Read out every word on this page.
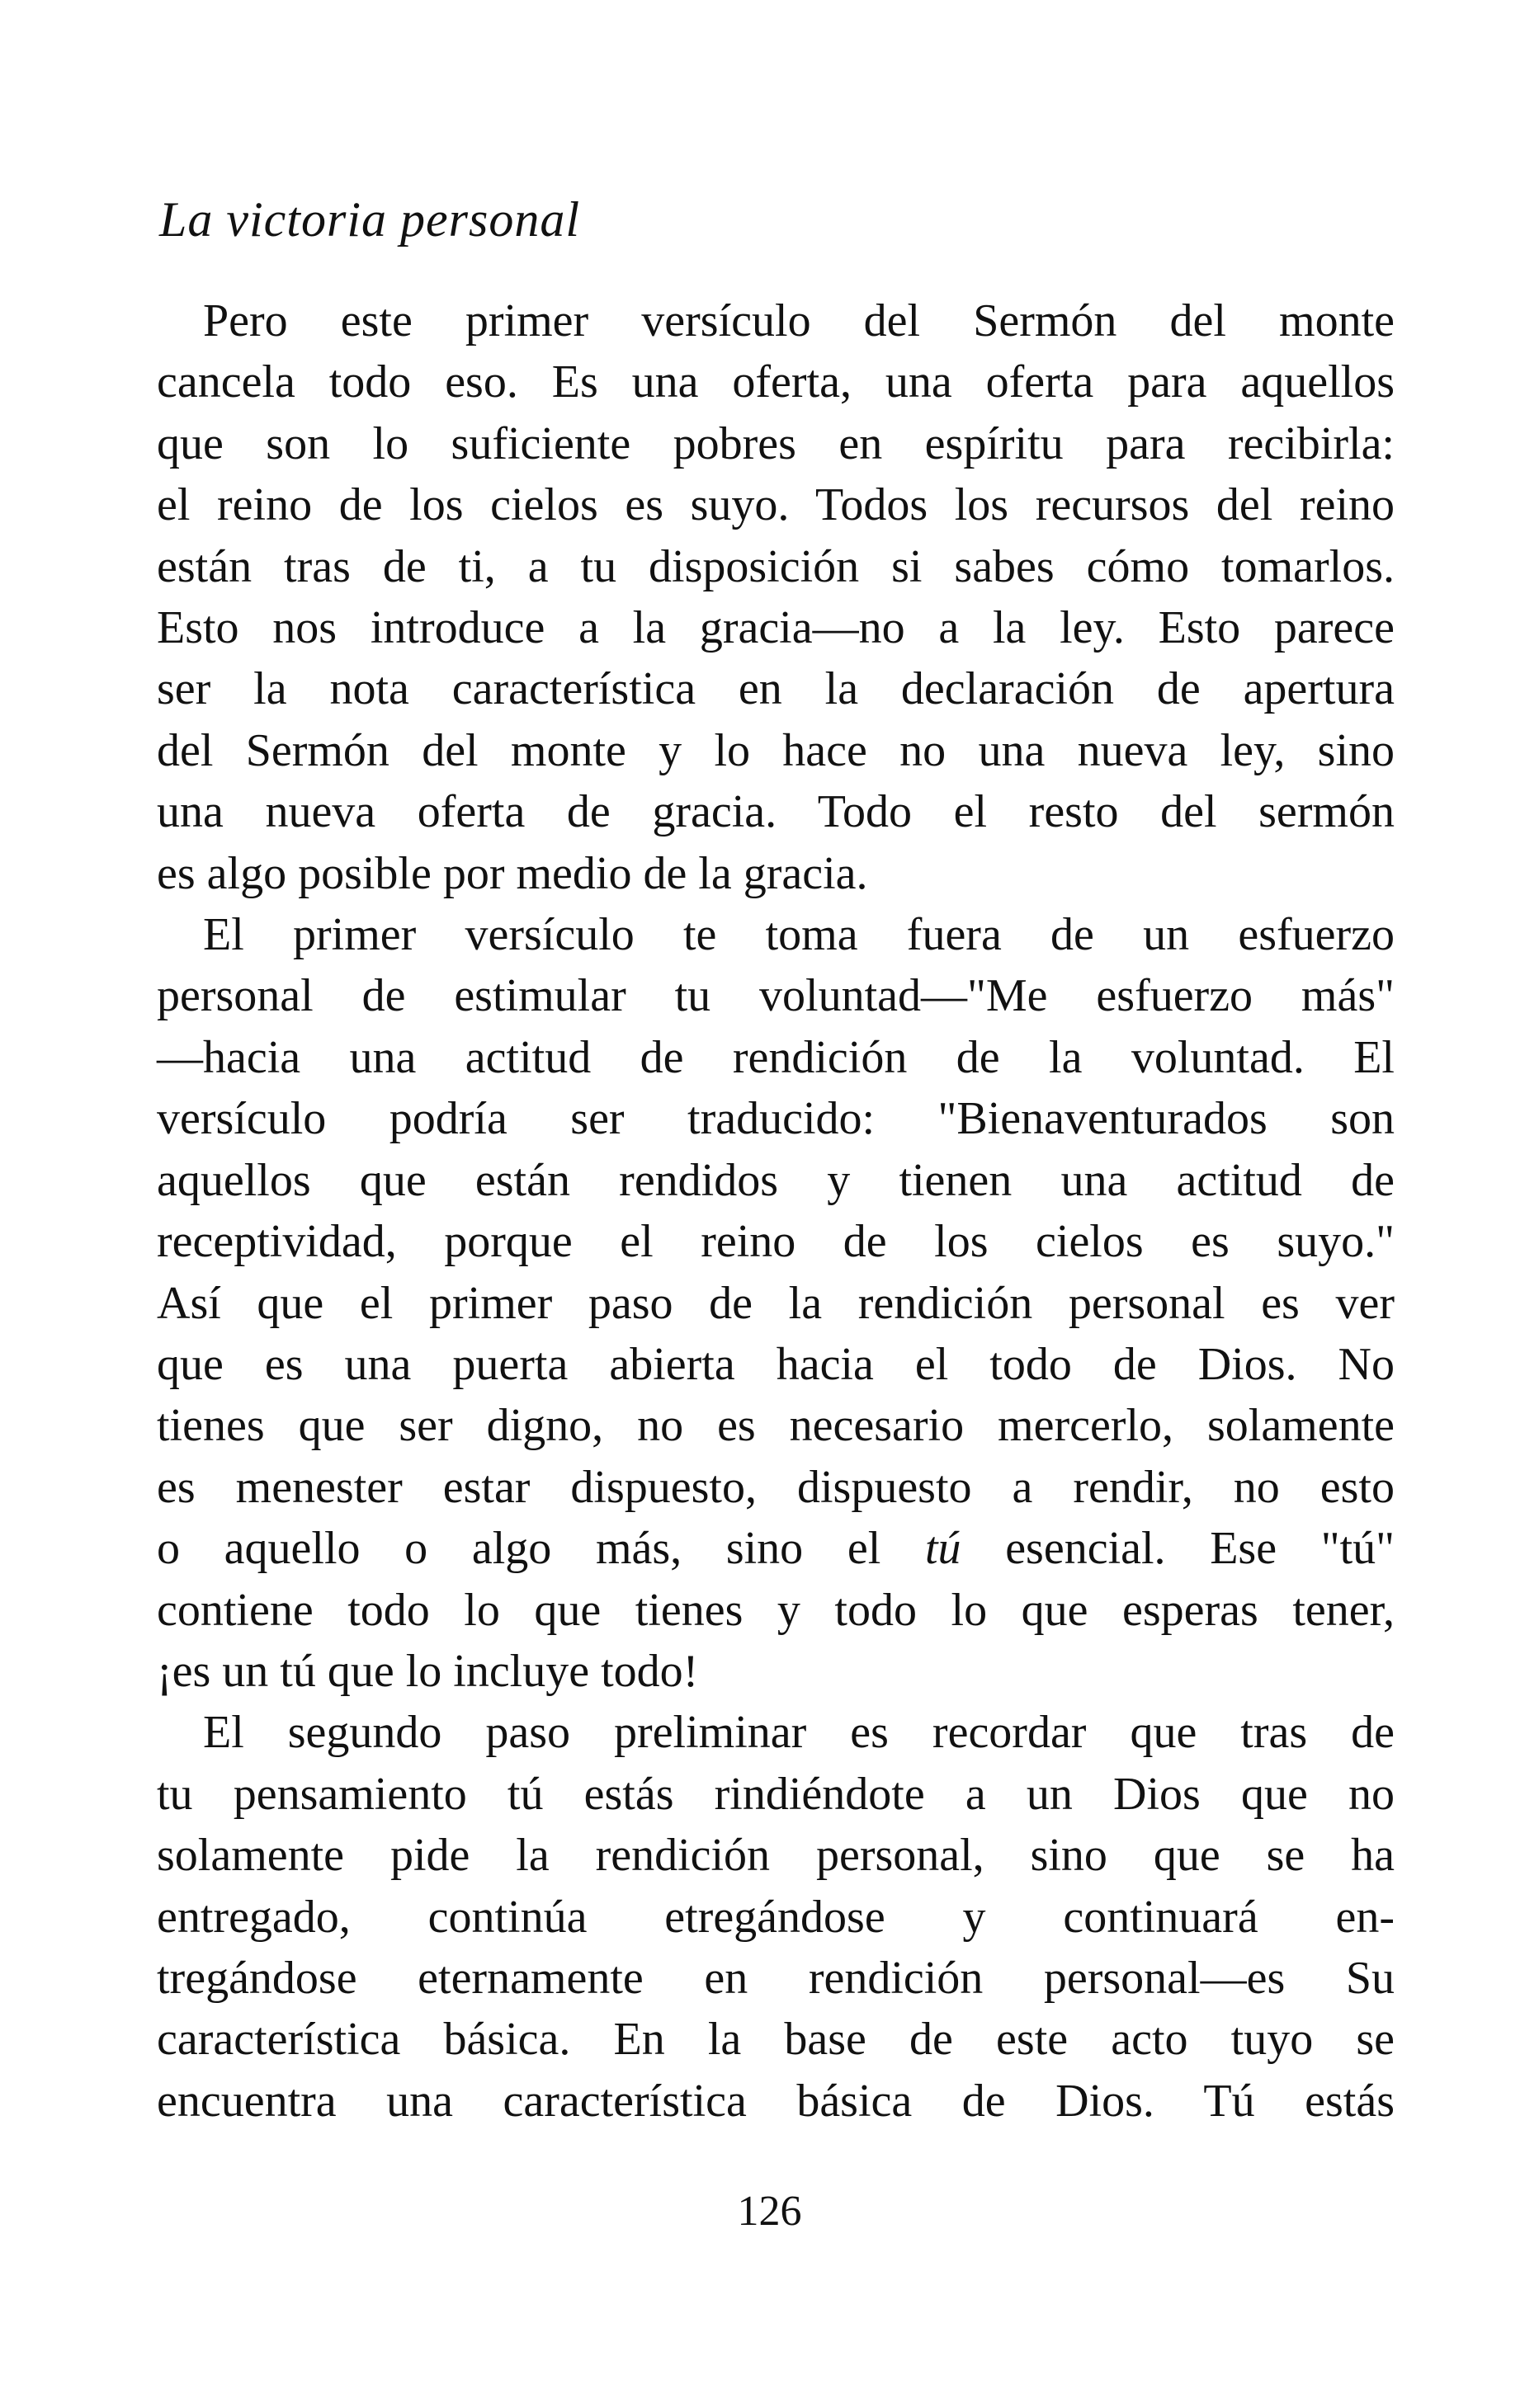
La victoria personal

Pero este primer versículo del Sermón del monte
cancela todo eso. Es una oferta, una oferta para aquellos
que son lo suficiente pobres en espíritu para recibirla:
el reino de los cielos es suyo. Todos los recursos del reino
están tras de ti, a tu disposición si sabes cómo tomarlos.
Esto nos introduce a la gracia—no a la ley. Esto parece
ser la nota característica en la declaración de apertura
del Sermón del monte y lo hace no una nueva ley, sino
una nueva oferta de gracia. Todo el resto del sermón
es algo posible por medio de la gracia.

El primer versículo te toma fuera de un esfuerzo
personal de estimular tu voluntad—"Me esfuerzo más"
—hacia una actitud de rendición de la voluntad. El
versículo podría ser traducido: "Bienaventurados son
aquellos que están rendidos y tienen una actitud de
receptividad, porque el reino de los cielos es suyo."
Así que el primer paso de la rendición personal es ver
que es una puerta abierta hacia el todo de Dios. No
tienes que ser digno, no es necesario mercerlo, solamente
es menester estar dispuesto, dispuesto a rendir, no esto
o aquello o algo más, sino el tú esencial. Ese "tú"
contiene todo lo que tienes y todo lo que esperas tener,
¡es un tú que lo incluye todo!

El segundo paso preliminar es recordar que tras de
tu pensamiento tú estás rindiéndote a un Dios que no
solamente pide la rendición personal, sino que se ha
entregado, continúa etregándose y continuará en-
tregándose eternamente en rendición personal—es Su
característica básica. En la base de este acto tuyo se
encuentra una característica básica de Dios. Tú estás

126
